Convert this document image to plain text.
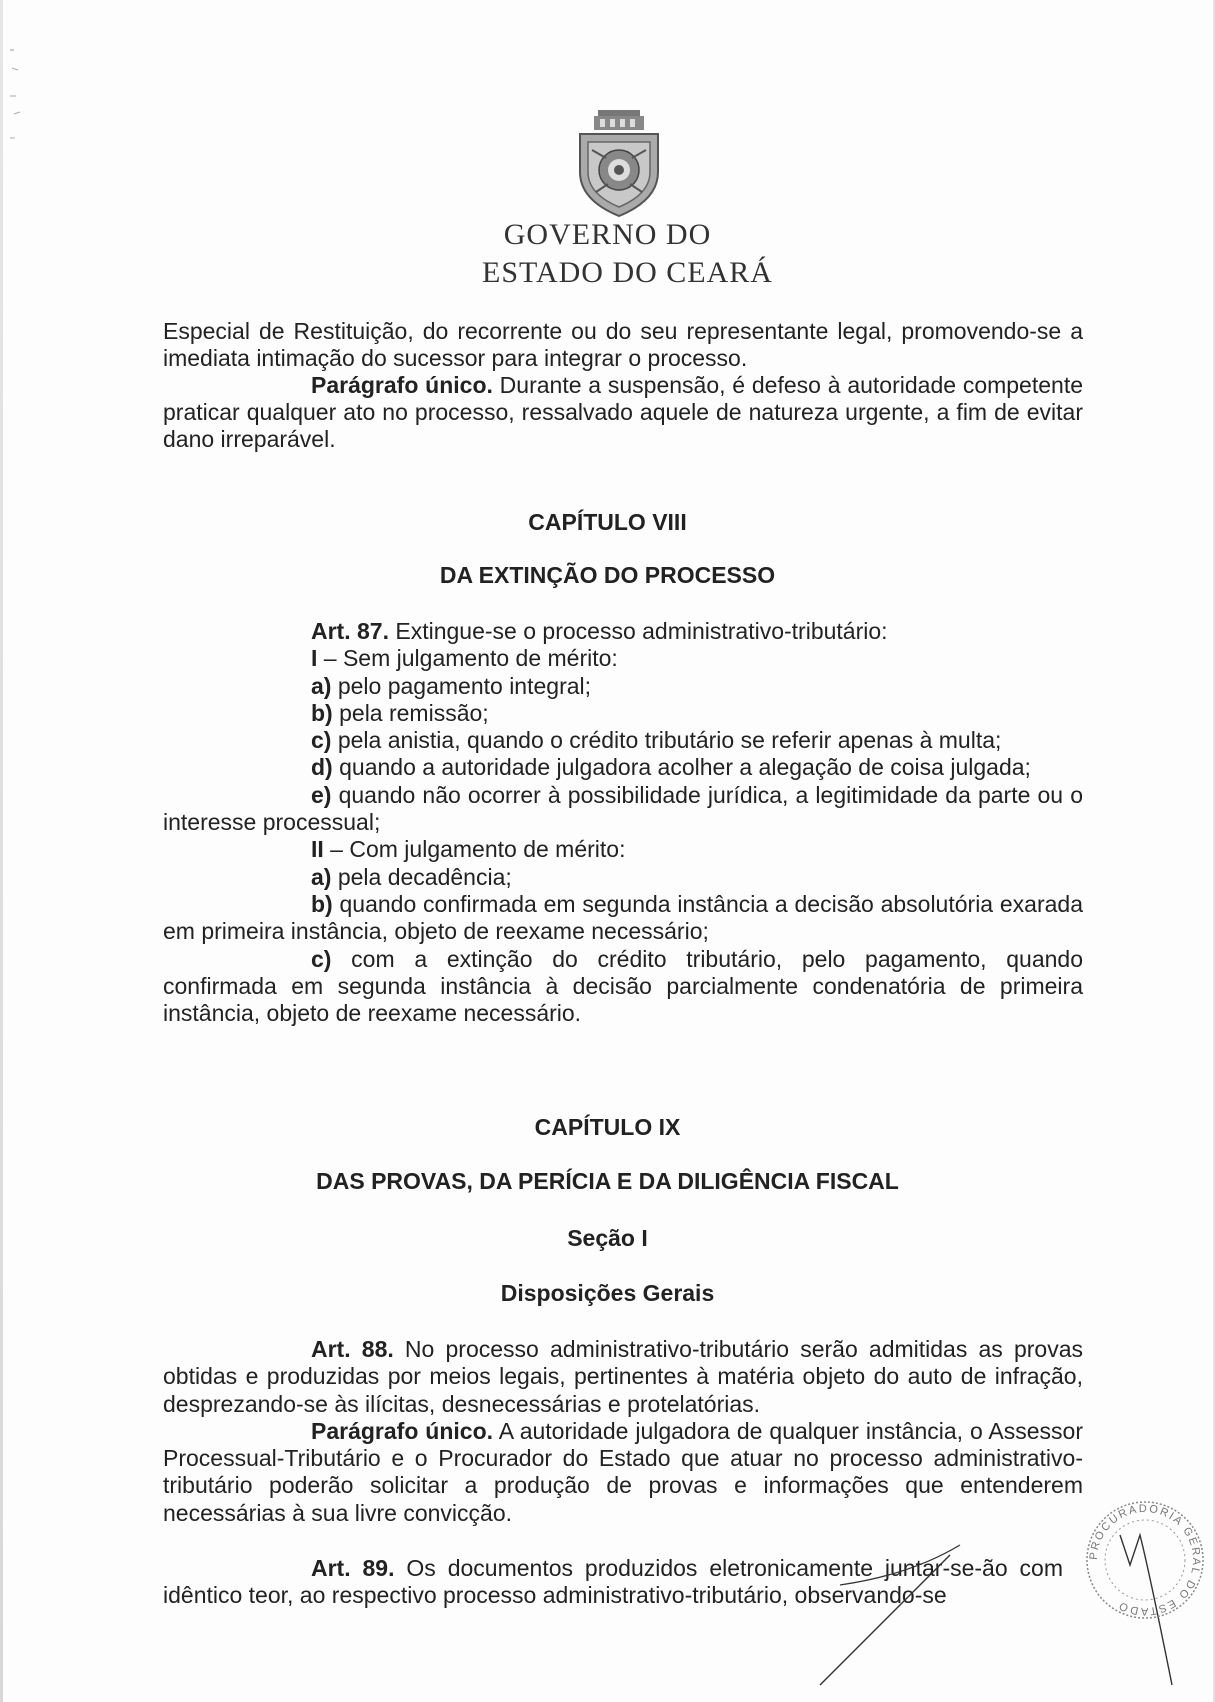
GOVERNO DO
ESTADO DO CEARÁ

Especial de Restituição, do recorrente ou do seu representante legal, promovendo-se a imediata intimação do sucessor para integrar o processo.

Parágrafo único. Durante a suspensão, é defeso à autoridade competente praticar qualquer ato no processo, ressalvado aquele de natureza urgente, a fim de evitar dano irreparável.

CAPÍTULO VIII
DA EXTINÇÃO DO PROCESSO

Art. 87. Extingue-se o processo administrativo-tributário:

I – Sem julgamento de mérito:

a) pelo pagamento integral;

b) pela remissão;

c) pela anistia, quando o crédito tributário se referir apenas à multa;

d) quando a autoridade julgadora acolher a alegação de coisa julgada;

e) quando não ocorrer à possibilidade jurídica, a legitimidade da parte ou o interesse processual;

II – Com julgamento de mérito:

a) pela decadência;

b) quando confirmada em segunda instância a decisão absolutória exarada em primeira instância, objeto de reexame necessário;

c) com a extinção do crédito tributário, pelo pagamento, quando confirmada em segunda instância à decisão parcialmente condenatória de primeira instância, objeto de reexame necessário.

CAPÍTULO IX
DAS PROVAS, DA PERÍCIA E DA DILIGÊNCIA FISCAL
Seção I
Disposições Gerais

Art. 88. No processo administrativo-tributário serão admitidas as provas obtidas e produzidas por meios legais, pertinentes à matéria objeto do auto de infração, desprezando-se às ilícitas, desnecessárias e protelatórias.

Parágrafo único. A autoridade julgadora de qualquer instância, o Assessor Processual-Tributário e o Procurador do Estado que atuar no processo administrativo-tributário poderão solicitar a produção de provas e informações que entenderem necessárias à sua livre convicção.

Art. 89. Os documentos produzidos eletronicamente juntar-se-ão com idêntico teor, ao respectivo processo administrativo-tributário, observando-se

PROCURADORIA GERAL DO ESTADO
